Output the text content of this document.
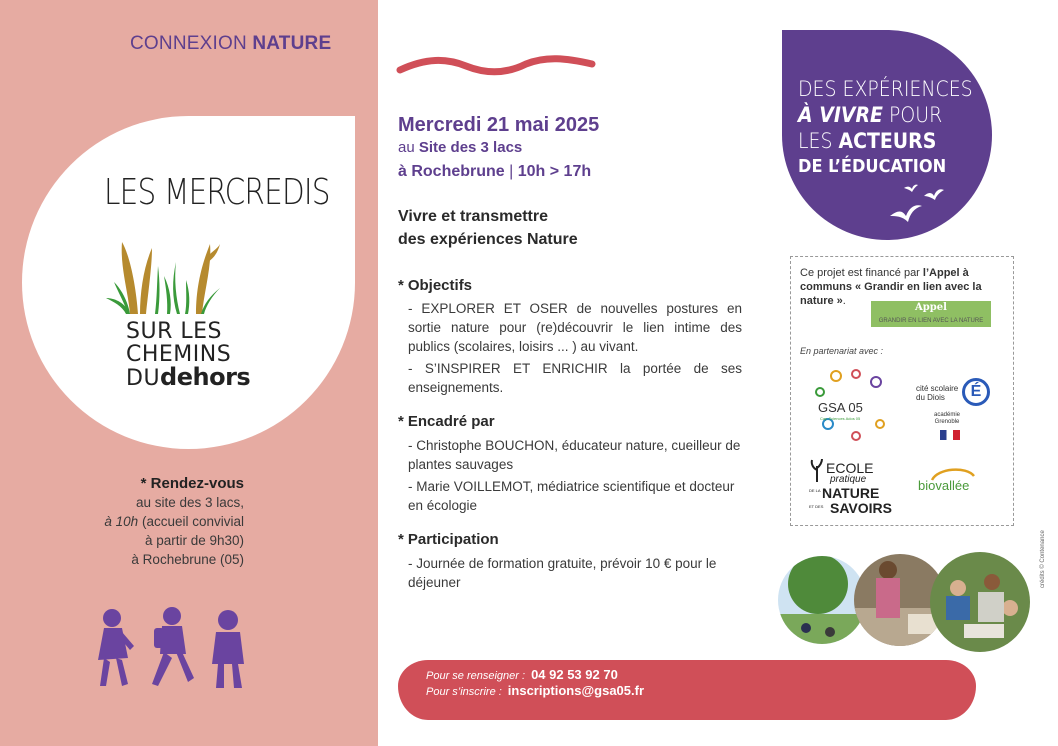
CONNEXION NATURE
LES MERCREDIS
SUR LES
CHEMINS
DUdehors
* Rendez-vous
au site des 3 lacs,
à 10h (accueil convivial
à partir de 9h30)
à Rochebrune (05)
Mercredi 21 mai 2025
au Site des 3 lacs
à Rochebrune | 10h > 17h
Vivre et transmettre
des expériences Nature
* Objectifs
- EXPLORER ET OSER de nouvelles postures en sortie nature pour (re)découvrir le lien intime des publics (scolaires, loisirs ... ) au vivant.
- S’INSPIRER ET ENRICHIR la portée de ses enseignements.
* Encadré par
- Christophe BOUCHON, éducateur nature, cueilleur de plantes sauvages
- Marie VOILLEMOT, médiatrice scientifique et docteur en écologie
* Participation
- Journée de formation gratuite, prévoir 10 € pour le déjeuner
DES EXPÉRIENCES
À VIVRE POUR
LES ACTEURS
DE L’ÉDUCATION
Ce projet est financé par l’Appel à communs « Grandir en lien avec la nature ».
Appel
GRANDIR EN LIEN AVEC LA NATURE
En partenariat avec :
GSA 05
Cap Sciences Ados 05
cité scolaire
du Diois	É
académie
Grenoble
ECOLE
pratique
DE LA NATURE
ET DES SAVOIRS
biovallée
crédits © Contenance
Pour se renseigner : 04 92 53 92 70
Pour s’inscrire : inscriptions@gsa05.fr
